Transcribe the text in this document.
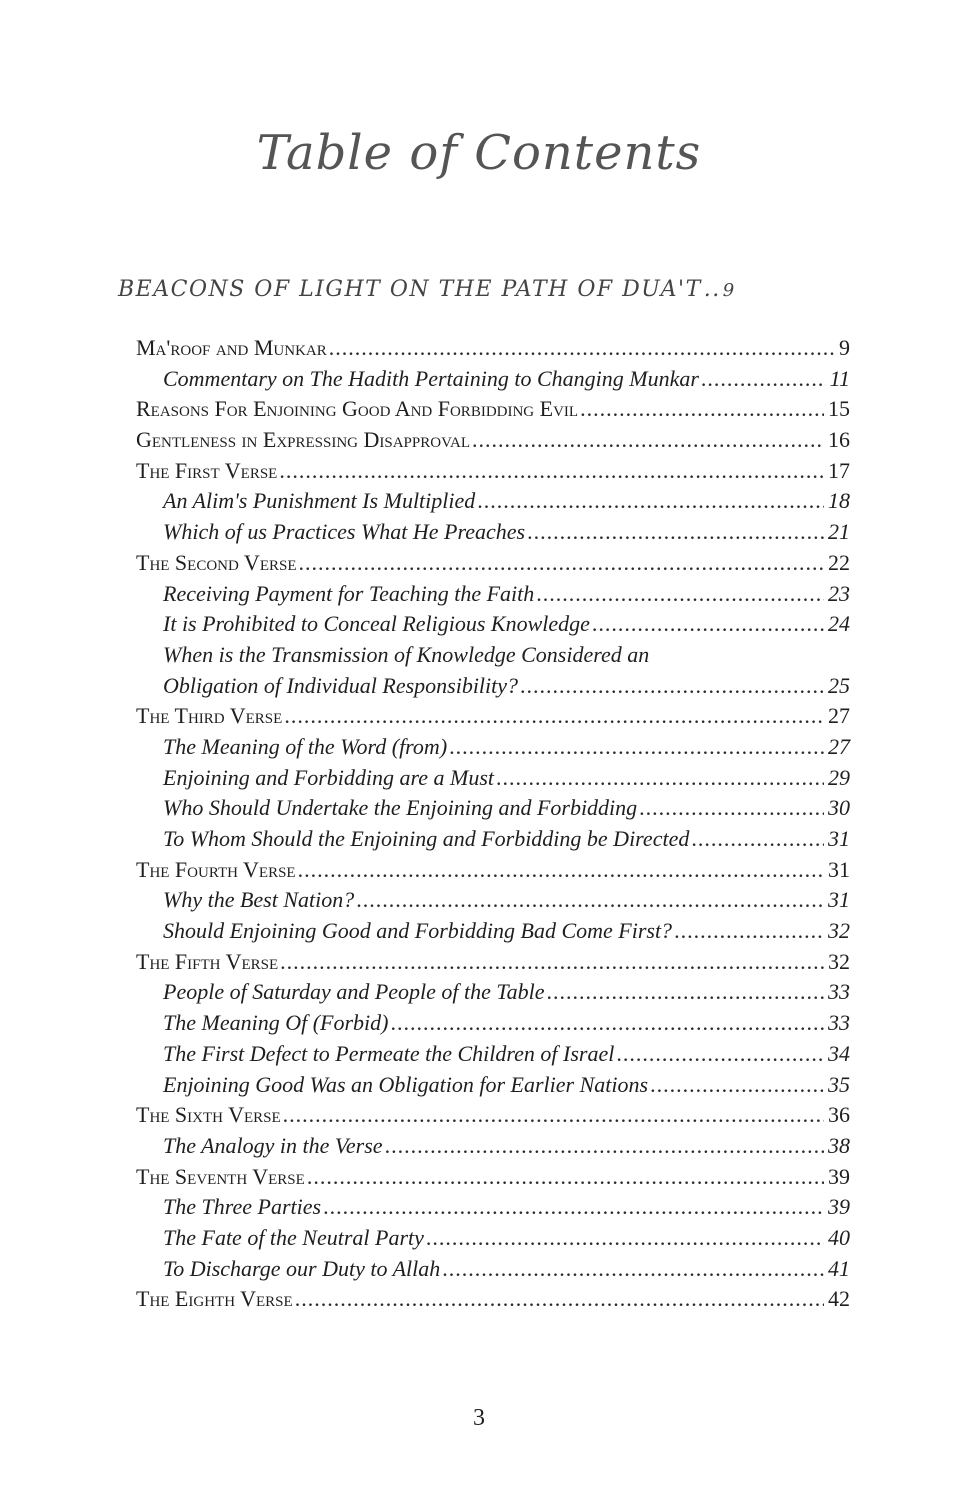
Table of Contents
BEACONS OF LIGHT ON THE PATH OF DUA'T .. 9
Ma'roof and Munkar .....	9
Commentary on The Hadith Pertaining to Changing Munkar .....	11
Reasons For Enjoining Good And Forbidding Evil .....	15
Gentleness in Expressing Disapproval .....	16
The First Verse .....	17
An Alim's Punishment Is Multiplied .....	18
Which of us Practices What He Preaches .....	21
The Second Verse .....	22
Receiving Payment for Teaching the Faith .....	23
It is Prohibited to Conceal Religious Knowledge .....	24
When is the Transmission of Knowledge Considered an
Obligation of Individual Responsibility? .....	25
The Third Verse .....	27
The Meaning of the Word (from) .....	27
Enjoining and Forbidding are a Must .....	29
Who Should Undertake the Enjoining and Forbidding .....	30
To Whom Should the Enjoining and Forbidding be Directed .....	31
The Fourth Verse .....	31
Why the Best Nation? .....	31
Should Enjoining Good and Forbidding Bad Come First? .....	32
The Fifth Verse .....	32
People of Saturday and People of the Table .....	33
The Meaning Of (Forbid) .....	33
The First Defect to Permeate the Children of Israel .....	34
Enjoining Good Was an Obligation for Earlier Nations .....	35
The Sixth Verse .....	36
The Analogy in the Verse .....	38
The Seventh Verse .....	39
The Three Parties .....	39
The Fate of the Neutral Party .....	40
To Discharge our Duty to Allah .....	41
The Eighth Verse .....	42
3
